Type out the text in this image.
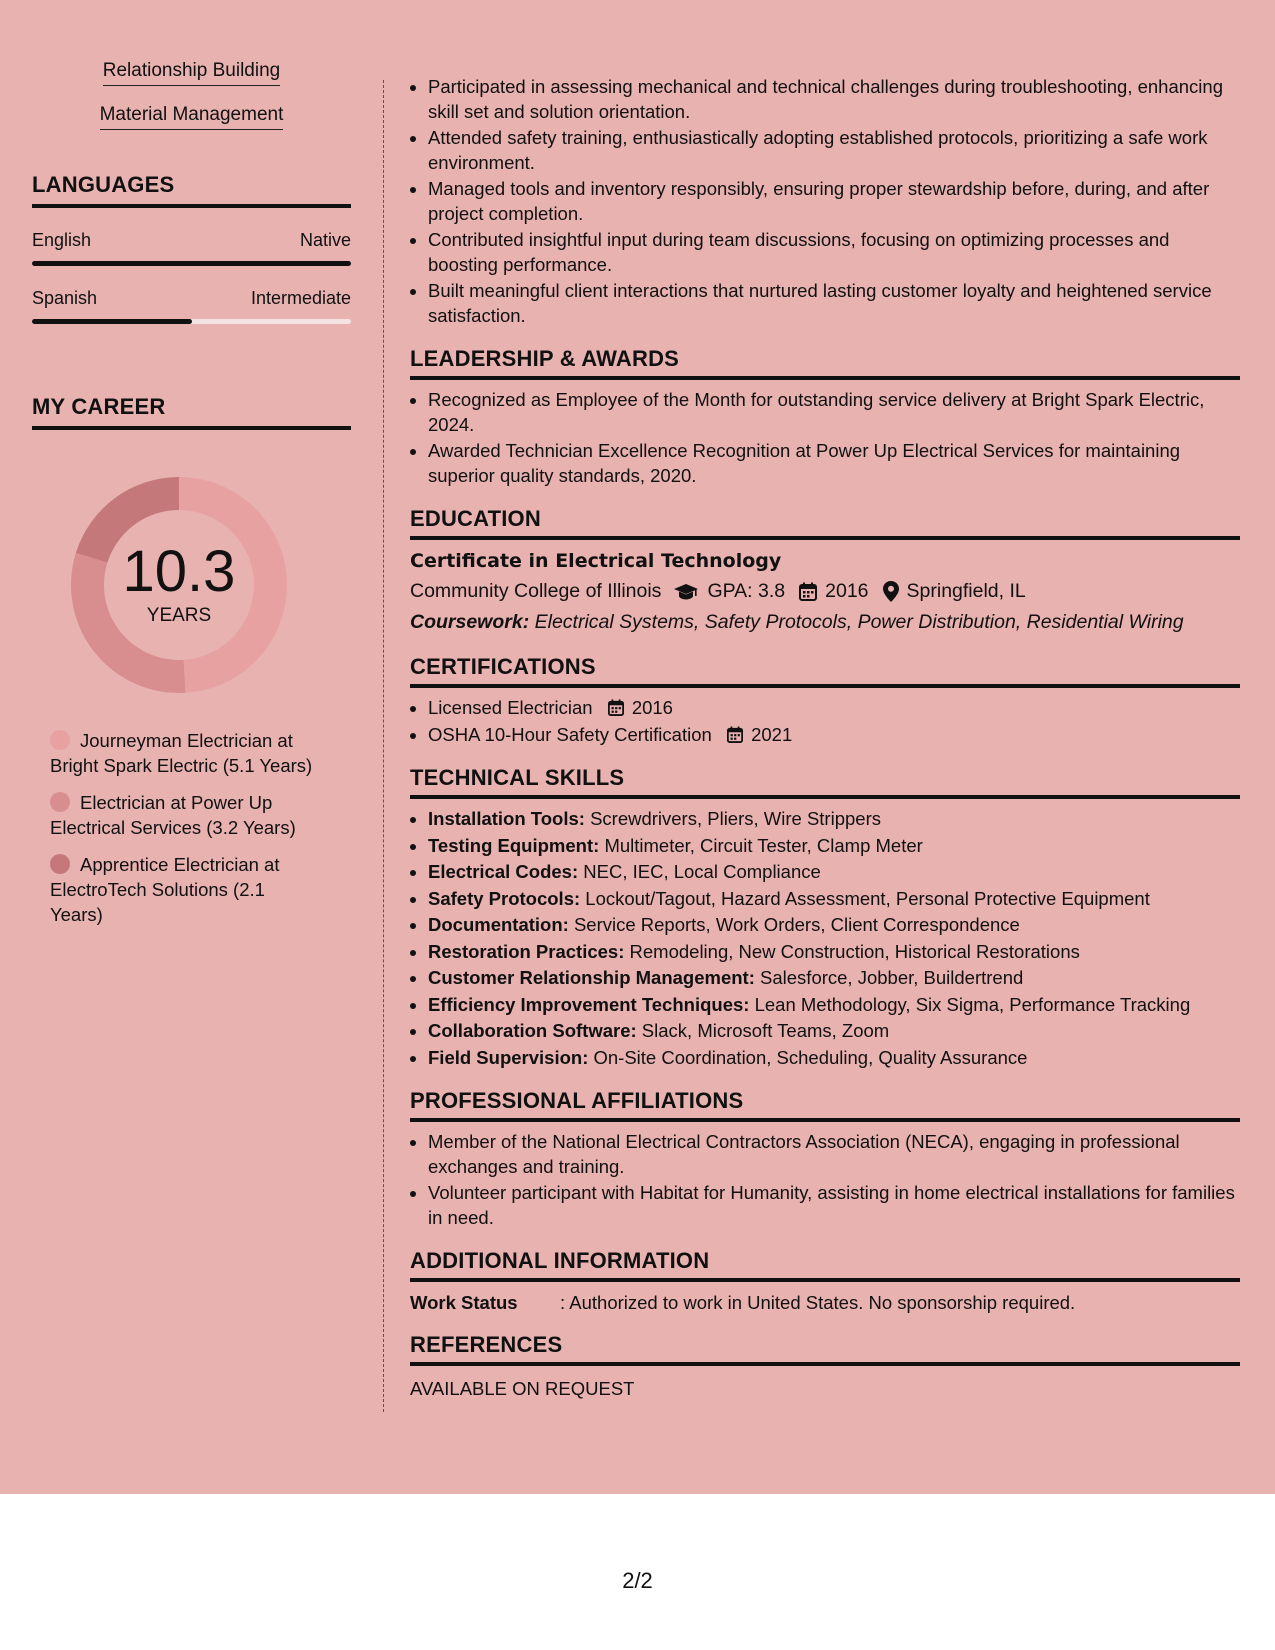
Relationship Building
Material Management
LANGUAGES
English	Native
Spanish	Intermediate
MY CAREER
10.3
YEARS
Journeyman Electrician at Bright Spark Electric (5.1 Years)
Electrician at Power Up Electrical Services (3.2 Years)
Apprentice Electrician at ElectroTech Solutions (2.1 Years)
• Participated in assessing mechanical and technical challenges during troubleshooting, enhancing skill set and solution orientation.
• Attended safety training, enthusiastically adopting established protocols, prioritizing a safe work environment.
• Managed tools and inventory responsibly, ensuring proper stewardship before, during, and after project completion.
• Contributed insightful input during team discussions, focusing on optimizing processes and boosting performance.
• Built meaningful client interactions that nurtured lasting customer loyalty and heightened service satisfaction.
LEADERSHIP & AWARDS
• Recognized as Employee of the Month for outstanding service delivery at Bright Spark Electric, 2024.
• Awarded Technician Excellence Recognition at Power Up Electrical Services for maintaining superior quality standards, 2020.
EDUCATION
Certificate in Electrical Technology
Community College of Illinois GPA: 3.8 2016 Springfield, IL
Coursework: Electrical Systems, Safety Protocols, Power Distribution, Residential Wiring
CERTIFICATIONS
• Licensed Electrician 2016
• OSHA 10-Hour Safety Certification 2021
TECHNICAL SKILLS
• Installation Tools: Screwdrivers, Pliers, Wire Strippers
• Testing Equipment: Multimeter, Circuit Tester, Clamp Meter
• Electrical Codes: NEC, IEC, Local Compliance
• Safety Protocols: Lockout/Tagout, Hazard Assessment, Personal Protective Equipment
• Documentation: Service Reports, Work Orders, Client Correspondence
• Restoration Practices: Remodeling, New Construction, Historical Restorations
• Customer Relationship Management: Salesforce, Jobber, Buildertrend
• Efficiency Improvement Techniques: Lean Methodology, Six Sigma, Performance Tracking
• Collaboration Software: Slack, Microsoft Teams, Zoom
• Field Supervision: On-Site Coordination, Scheduling, Quality Assurance
PROFESSIONAL AFFILIATIONS
• Member of the National Electrical Contractors Association (NECA), engaging in professional exchanges and training.
• Volunteer participant with Habitat for Humanity, assisting in home electrical installations for families in need.
ADDITIONAL INFORMATION
Work Status	: Authorized to work in United States. No sponsorship required.
REFERENCES
AVAILABLE ON REQUEST
2/2
